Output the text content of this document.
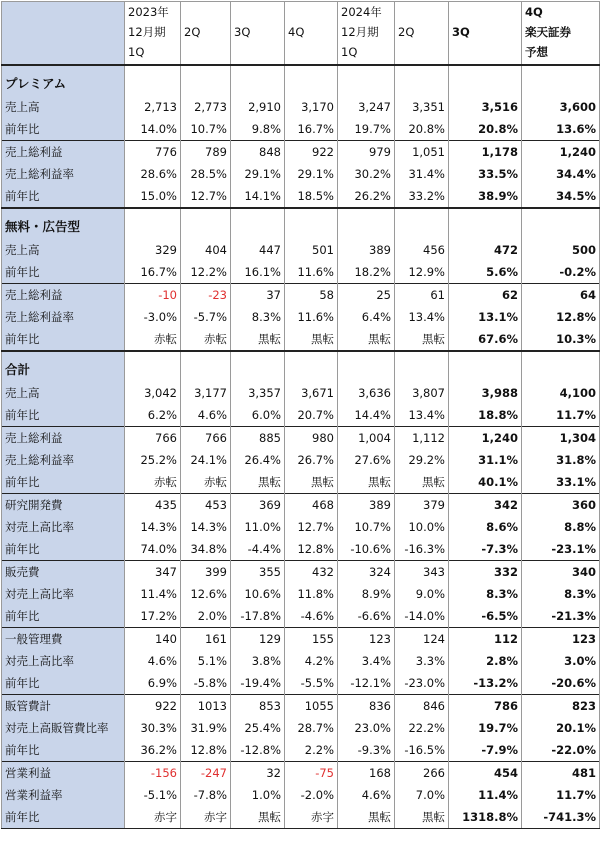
	2023年
12月期
1Q	2Q	3Q	4Q	2024年
12月期
1Q	2Q	3Q	4Q
楽天証券
予想

プレミアム								
売上高	2,713	2,773	2,910	3,170	3,247	3,351	3,516	3,600
前年比	14.0%	10.7%	9.8%	16.7%	19.7%	20.8%	20.8%	13.6%
売上総利益	776	789	848	922	979	1,051	1,178	1,240
売上総利益率	28.6%	28.5%	29.1%	29.1%	30.2%	31.4%	33.5%	34.4%
前年比	15.0%	12.7%	14.1%	18.5%	26.2%	33.2%	38.9%	34.5%
無料・広告型								
売上高	329	404	447	501	389	456	472	500
前年比	16.7%	12.2%	16.1%	11.6%	18.2%	12.9%	5.6%	-0.2%
売上総利益	-10	-23	37	58	25	61	62	64
売上総利益率	-3.0%	-5.7%	8.3%	11.6%	6.4%	13.4%	13.1%	12.8%
前年比	赤転	赤転	黒転	黒転	黒転	黒転	67.6%	10.3%
合計								
売上高	3,042	3,177	3,357	3,671	3,636	3,807	3,988	4,100
前年比	6.2%	4.6%	6.0%	20.7%	14.4%	13.4%	18.8%	11.7%
売上総利益	766	766	885	980	1,004	1,112	1,240	1,304
売上総利益率	25.2%	24.1%	26.4%	26.7%	27.6%	29.2%	31.1%	31.8%
前年比	赤転	赤転	黒転	黒転	黒転	黒転	40.1%	33.1%
研究開発費	435	453	369	468	389	379	342	360
対売上高比率	14.3%	14.3%	11.0%	12.7%	10.7%	10.0%	8.6%	8.8%
前年比	74.0%	34.8%	-4.4%	12.8%	-10.6%	-16.3%	-7.3%	-23.1%
販売費	347	399	355	432	324	343	332	340
対売上高比率	11.4%	12.6%	10.6%	11.8%	8.9%	9.0%	8.3%	8.3%
前年比	17.2%	2.0%	-17.8%	-4.6%	-6.6%	-14.0%	-6.5%	-21.3%
一般管理費	140	161	129	155	123	124	112	123
対売上高比率	4.6%	5.1%	3.8%	4.2%	3.4%	3.3%	2.8%	3.0%
前年比	6.9%	-5.8%	-19.4%	-5.5%	-12.1%	-23.0%	-13.2%	-20.6%
販管費計	922	1013	853	1055	836	846	786	823
対売上高販管費比率	30.3%	31.9%	25.4%	28.7%	23.0%	22.2%	19.7%	20.1%
前年比	36.2%	12.8%	-12.8%	2.2%	-9.3%	-16.5%	-7.9%	-22.0%
営業利益	-156	-247	32	-75	168	266	454	481
営業利益率	-5.1%	-7.8%	1.0%	-2.0%	4.6%	7.0%	11.4%	11.7%
前年比	赤字	赤字	黒転	赤字	黒転	黒転	1318.8%	-741.3%
